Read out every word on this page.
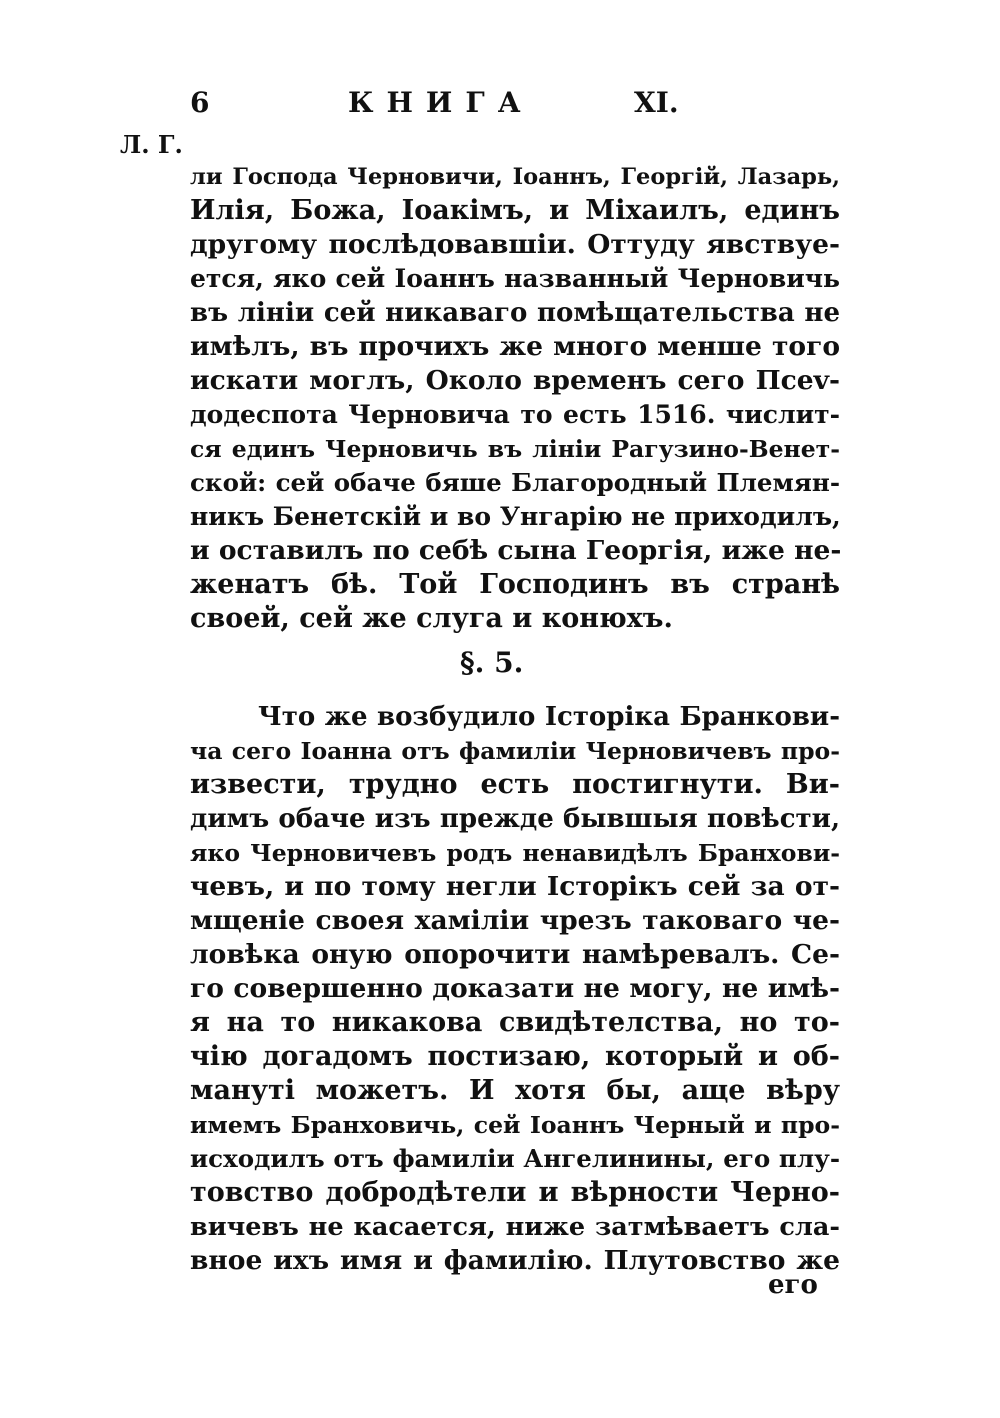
6	КНИГА	XI.
Л. Г.
ли Господа Черновичи, Іоаннъ, Георгій, Лазарь,
Илія, Божа, Іоакімъ, и Міхаилъ, единъ
другому послѣдовавшіи. Оттуду явствуе-
ется, яко сей Іоаннъ названный Черновичь
въ лініи сей никаваго помѣщательства не
имѣлъ, въ прочихъ же много менше того
искати моглъ, Около временъ сего Псеv-
додеспота Черновича то есть 1516. числит-
ся единъ Черновичь въ лініи Рагузино-Венет-
ской: сей обаче бяше Благородный Племян-
никъ Бенетскій и во Унгарію не приходилъ,
и оставилъ по себѣ сына Георгія, иже не-
женатъ бѣ. Той Господинъ въ странѣ
своей, сей же слуга и конюхъ.
§. 5.
Что же возбудило Історіка Бранкови-
ча сего Іоанна отъ фамиліи Черновичевъ про-
извести, трудно есть постигнути. Ви-
димъ обаче изъ прежде бывшыя повѣсти,
яко Черновичевъ родъ ненавидѣлъ Бранхови-
чевъ, и по тому негли Історікъ сей за от-
мщеніе своея хаміліи чрезъ таковаго че-
ловѣка оную опорочити намѣревалъ. Се-
го совершенно доказати не могу, не имѣ-
я на то никакова свидѣтелства, но то-
чію догадомъ постизаю, который и об-
мануті можетъ. И хотя бы, аще вѣру
имемъ Бранховичь, сей Іоаннъ Черный и про-
исходилъ отъ фамиліи Ангелинины, его плу-
товство добродѣтели и вѣрности Черно-
вичевъ не касается, ниже затмѣваетъ сла-
вное ихъ имя и фамилію. Плутовство же
его
